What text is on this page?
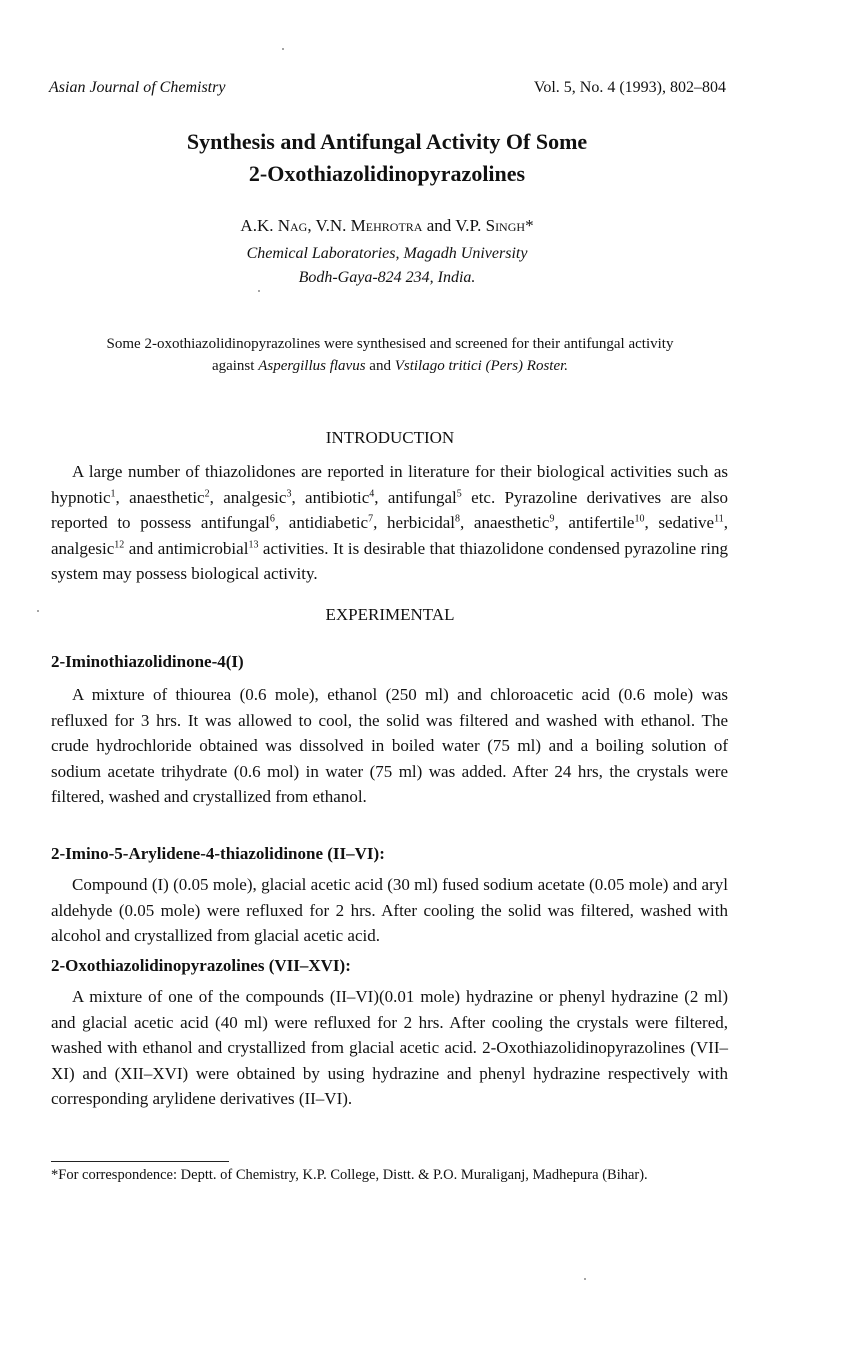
Asian Journal of Chemistry	Vol. 5, No. 4 (1993), 802–804
Synthesis and Antifungal Activity Of Some
2-Oxothiazolidinopyrazolines
A.K. Nag, V.N. Mehrotra and V.P. Singh*
Chemical Laboratories, Magadh University
Bodh-Gaya-824 234, India.
Some 2-oxothiazolidinopyrazolines were synthesised and screened for their antifungal activity against Aspergillus flavus and Vstilago tritici (Pers) Roster.
INTRODUCTION

A large number of thiazolidones are reported in literature for their biological activities such as hypnotic$^1$, anaesthetic$^2$, analgesic$^3$, antibiotic$^4$, antifungal$^5$ etc. Pyrazoline derivatives are also reported to possess antifungal$^6$, antidiabetic$^7$, herbicidal$^8$, anaesthetic$^9$, antifertile$^{10}$, sedative$^{11}$, analgesic$^{12}$ and antimicrobial$^{13}$ activities. It is desirable that thiazolidone condensed pyrazoline ring system may possess biological activity.

EXPERIMENTAL
2-Iminothiazolidinone-4(I)

A mixture of thiourea (0.6 mole), ethanol (250 ml) and chloroacetic acid (0.6 mole) was refluxed for 3 hrs. It was allowed to cool, the solid was filtered and washed with ethanol. The crude hydrochloride obtained was dissolved in boiled water (75 ml) and a boiling solution of sodium acetate trihydrate (0.6 mol) in water (75 ml) was added. After 24 hrs, the crystals were filtered, washed and crystallized from ethanol.

2-Imino-5-Arylidene-4-thiazolidinone (II–VI):

Compound (I) (0.05 mole), glacial acetic acid (30 ml) fused sodium acetate (0.05 mole) and aryl aldehyde (0.05 mole) were refluxed for 2 hrs. After cooling the solid was filtered, washed with alcohol and crystallized from glacial acetic acid.

2-Oxothiazolidinopyrazolines (VII–XVI):

A mixture of one of the compounds (II–VI)(0.01 mole) hydrazine or phenyl hydrazine (2 ml) and glacial acetic acid (40 ml) were refluxed for 2 hrs. After cooling the crystals were filtered, washed with ethanol and crystallized from glacial acetic acid. 2-Oxothiazolidinopyrazolines (VII–XI) and (XII–XVI) were obtained by using hydrazine and phenyl hydrazine respectively with corresponding arylidene derivatives (II–VI).

*For correspondence: Deptt. of Chemistry, K.P. College, Distt. & P.O. Muraliganj, Madhepura (Bihar).
